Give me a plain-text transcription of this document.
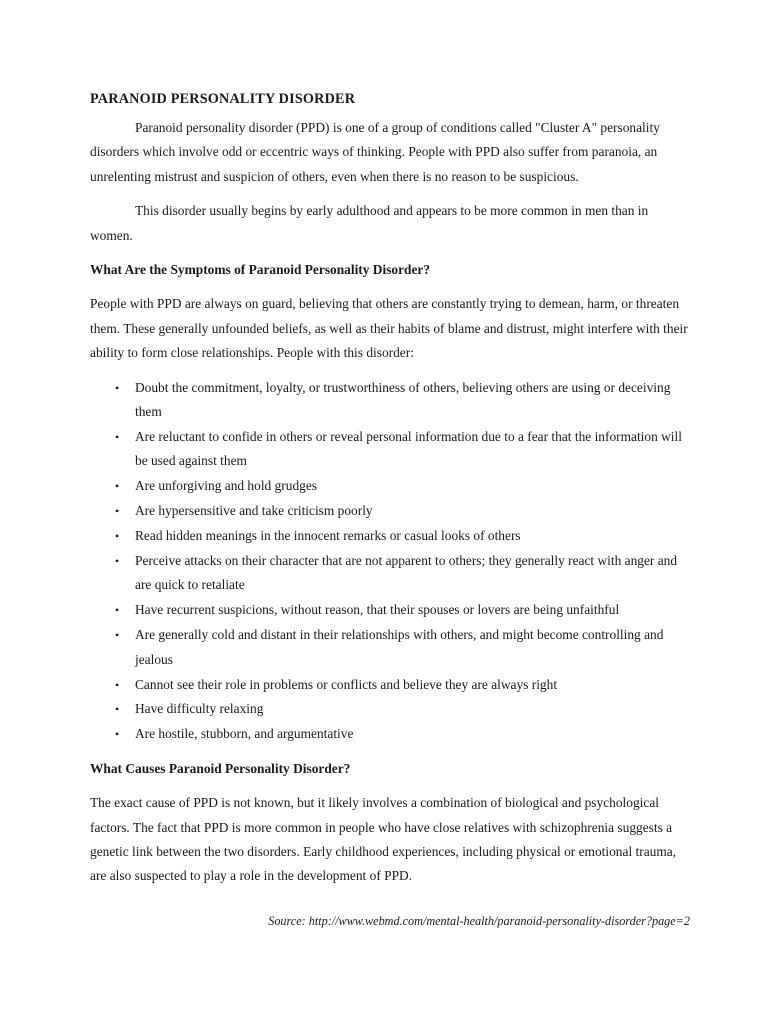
PARANOID PERSONALITY DISORDER

Paranoid personality disorder (PPD) is one of a group of conditions called "Cluster A" personality disorders which involve odd or eccentric ways of thinking. People with PPD also suffer from paranoia, an unrelenting mistrust and suspicion of others, even when there is no reason to be suspicious.

This disorder usually begins by early adulthood and appears to be more common in men than in women.

What Are the Symptoms of Paranoid Personality Disorder?

People with PPD are always on guard, believing that others are constantly trying to demean, harm, or threaten them. These generally unfounded beliefs, as well as their habits of blame and distrust, might interfere with their ability to form close relationships. People with this disorder:

• Doubt the commitment, loyalty, or trustworthiness of others, believing others are using or deceiving them
• Are reluctant to confide in others or reveal personal information due to a fear that the information will be used against them
• Are unforgiving and hold grudges
• Are hypersensitive and take criticism poorly
• Read hidden meanings in the innocent remarks or casual looks of others
• Perceive attacks on their character that are not apparent to others; they generally react with anger and are quick to retaliate
• Have recurrent suspicions, without reason, that their spouses or lovers are being unfaithful
• Are generally cold and distant in their relationships with others, and might become controlling and jealous
• Cannot see their role in problems or conflicts and believe they are always right
• Have difficulty relaxing
• Are hostile, stubborn, and argumentative

What Causes Paranoid Personality Disorder?

The exact cause of PPD is not known, but it likely involves a combination of biological and psychological factors. The fact that PPD is more common in people who have close relatives with schizophrenia suggests a genetic link between the two disorders. Early childhood experiences, including physical or emotional trauma, are also suspected to play a role in the development of PPD.

Source: http://www.webmd.com/mental-health/paranoid-personality-disorder?page=2
